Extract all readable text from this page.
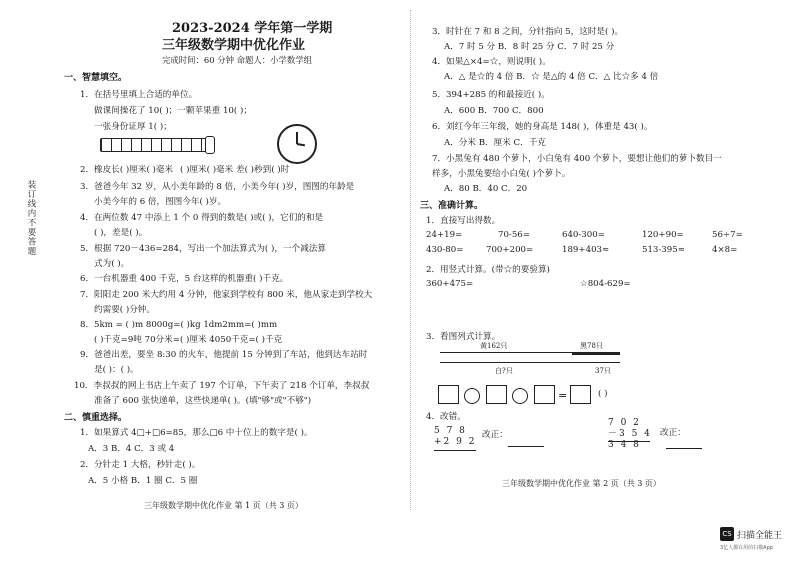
装订线内不要答题
2023-2024 学年第一学期
三年级数学期中优化作业
完成时间：60 分钟 命题人：小学数学组
一、智慧填空。
1．在括号里填上合适的单位。
做课间操花了 10( )；一颗苹果重 10( )；
一张身份证厚 1( )；
( )厘米( )毫米 差( )秒到( )时
2．橡皮长( )厘米( )毫米
3．爸爸今年 32 岁，从小美年龄的 8 倍，小美今年( )岁，图图的年龄是
小美今年的 6 倍，图图今年( )岁。
4．在两位数 47 中添上 1 个 0 得到的数是( )或( )，它们的和是
( )，差是( )。
5．根据 720－436=284，写出一个加法算式为( )，一个减法算
式为( )。
6．一台机器重 400 千克，5 台这样的机器重( )千克。
7．阳阳走 200 米大约用 4 分钟，他家到学校有 800 米，他从家走到学校大
约需要( )分钟。
8．5km = ( )m 8000g=( )kg 1dm2mm=( )mm
( )千克=9吨 70分米=( )厘米 4050千克=( )千克
9．爸爸出差，要坐 8:30 的火车，他提前 15 分钟到了车站，他到达车站时
是( )：( )。
10．李叔叔的网上书店上午卖了 197 个订单，下午卖了 218 个订单，李叔叔
准备了 600 张快递单，这些快递单( )。(填"够"或"不够")
二、慎重选择。
1．如果算式 4□+□6=85，那么□6 中十位上的数字是( )。
A．3 B．4 C．3 或 4
2．分针走 1 大格，秒针走( )。
A．5 小格 B．1 圈 C．5 圈
三年级数学期中优化作业 第 1 页（共 3 页）
3．时针在 7 和 8 之间，分针指向 5，这时是( )。
A．7 时 5 分 B．8 时 25 分 C．7 时 25 分
4．如果△×4=☆，则说明( )。
A．△ 是☆的 4 倍 B．☆ 是△的 4 倍 C．△ 比☆多 4 倍
5．394+285 的和最接近( )。
A．600 B．700 C．800
6．刘红今年三年级，她的身高是 148( )，体重是 43( )。
A．分米 B．厘米 C．千克
7．小黑兔有 480 个萝卜，小白兔有 400 个萝卜，要想让他们的萝卜数目一
样多，小黑兔要给小白兔( )个萝卜。
A．80 B．40 C．20
三、准确计算。
1．直接写出得数。
24+19=	70-56=	640-300=	120+90=	56÷7=
430-80=	700+200=	189+403≈	513-395≈	4×8=
2．用竖式计算。(带☆的要验算)
360+475=	☆804-629=
3．看图列式计算。
黄162只	黑78只
白?只	37只
=	( )
4．改错。
5 7 8
+2 9 2
改正：
7 0 2
－3 5 4
3 4 8
改正：
三年级数学期中优化作业 第 2 页（共 3 页）
CS 扫描全能王
3亿人都在用的扫描App
